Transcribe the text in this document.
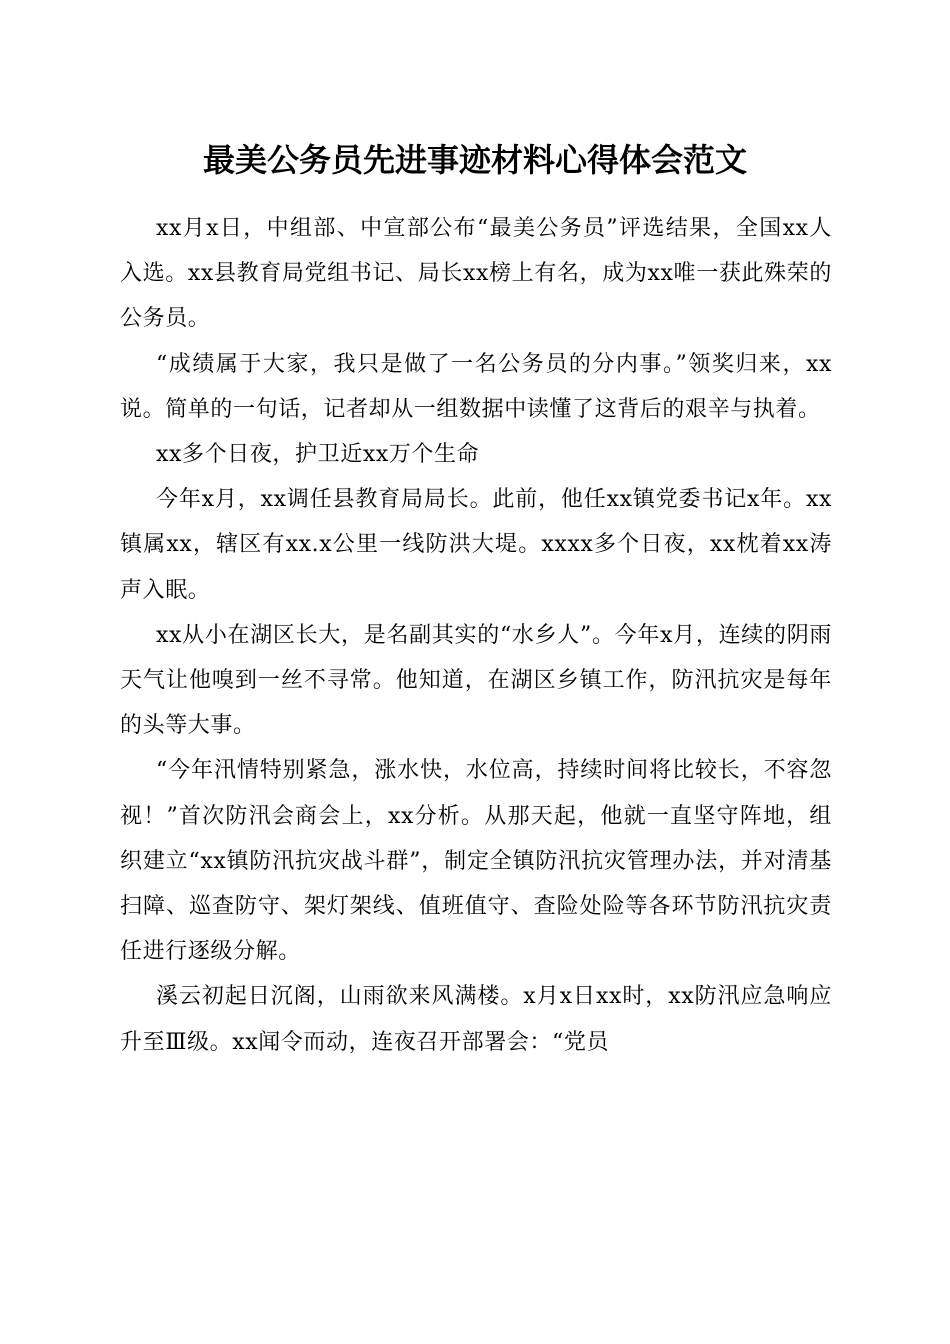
最美公务员先进事迹材料心得体会范文

xx月x日，中组部、中宣部公布“最美公务员”评选结果，全国xx人入选。xx县教育局党组书记、局长xx榜上有名，成为xx唯一获此殊荣的公务员。

“成绩属于大家，我只是做了一名公务员的分内事。”领奖归来，xx说。简单的一句话，记者却从一组数据中读懂了这背后的艰辛与执着。

xx多个日夜，护卫近xx万个生命

今年x月，xx调任县教育局局长。此前，他任xx镇党委书记x年。xx镇属xx，辖区有xx.x公里一线防洪大堤。xxxx多个日夜，xx枕着xx涛声入眠。

xx从小在湖区长大，是名副其实的“水乡人”。今年x月，连续的阴雨天气让他嗅到一丝不寻常。他知道，在湖区乡镇工作，防汛抗灾是每年的头等大事。

“今年汛情特别紧急，涨水快，水位高，持续时间将比较长，不容忽视！”首次防汛会商会上，xx分析。从那天起，他就一直坚守阵地，组织建立“xx镇防汛抗灾战斗群”，制定全镇防汛抗灾管理办法，并对清基扫障、巡查防守、架灯架线、值班值守、查险处险等各环节防汛抗灾责任进行逐级分解。

溪云初起日沉阁，山雨欲来风满楼。x月x日xx时，xx防汛应急响应升至Ⅲ级。xx闻令而动，连夜召开部署会：“党员
